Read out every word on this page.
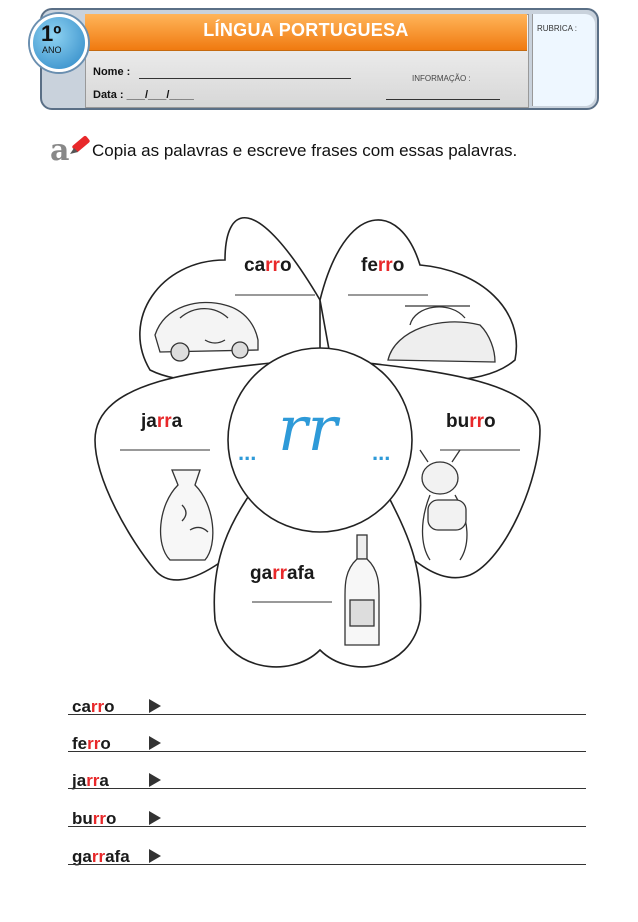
LÍNGUA PORTUGUESA
1º
ANO
RUBRICA :
Nome :
Data : ___/___/____
INFORMAÇÃO :
a Copia as palavras e escreve frases com essas palavras.
carro	ferro
jarra	burro
garrafa
... rr ...
carro
ferro
jarra
burro
garrafa
